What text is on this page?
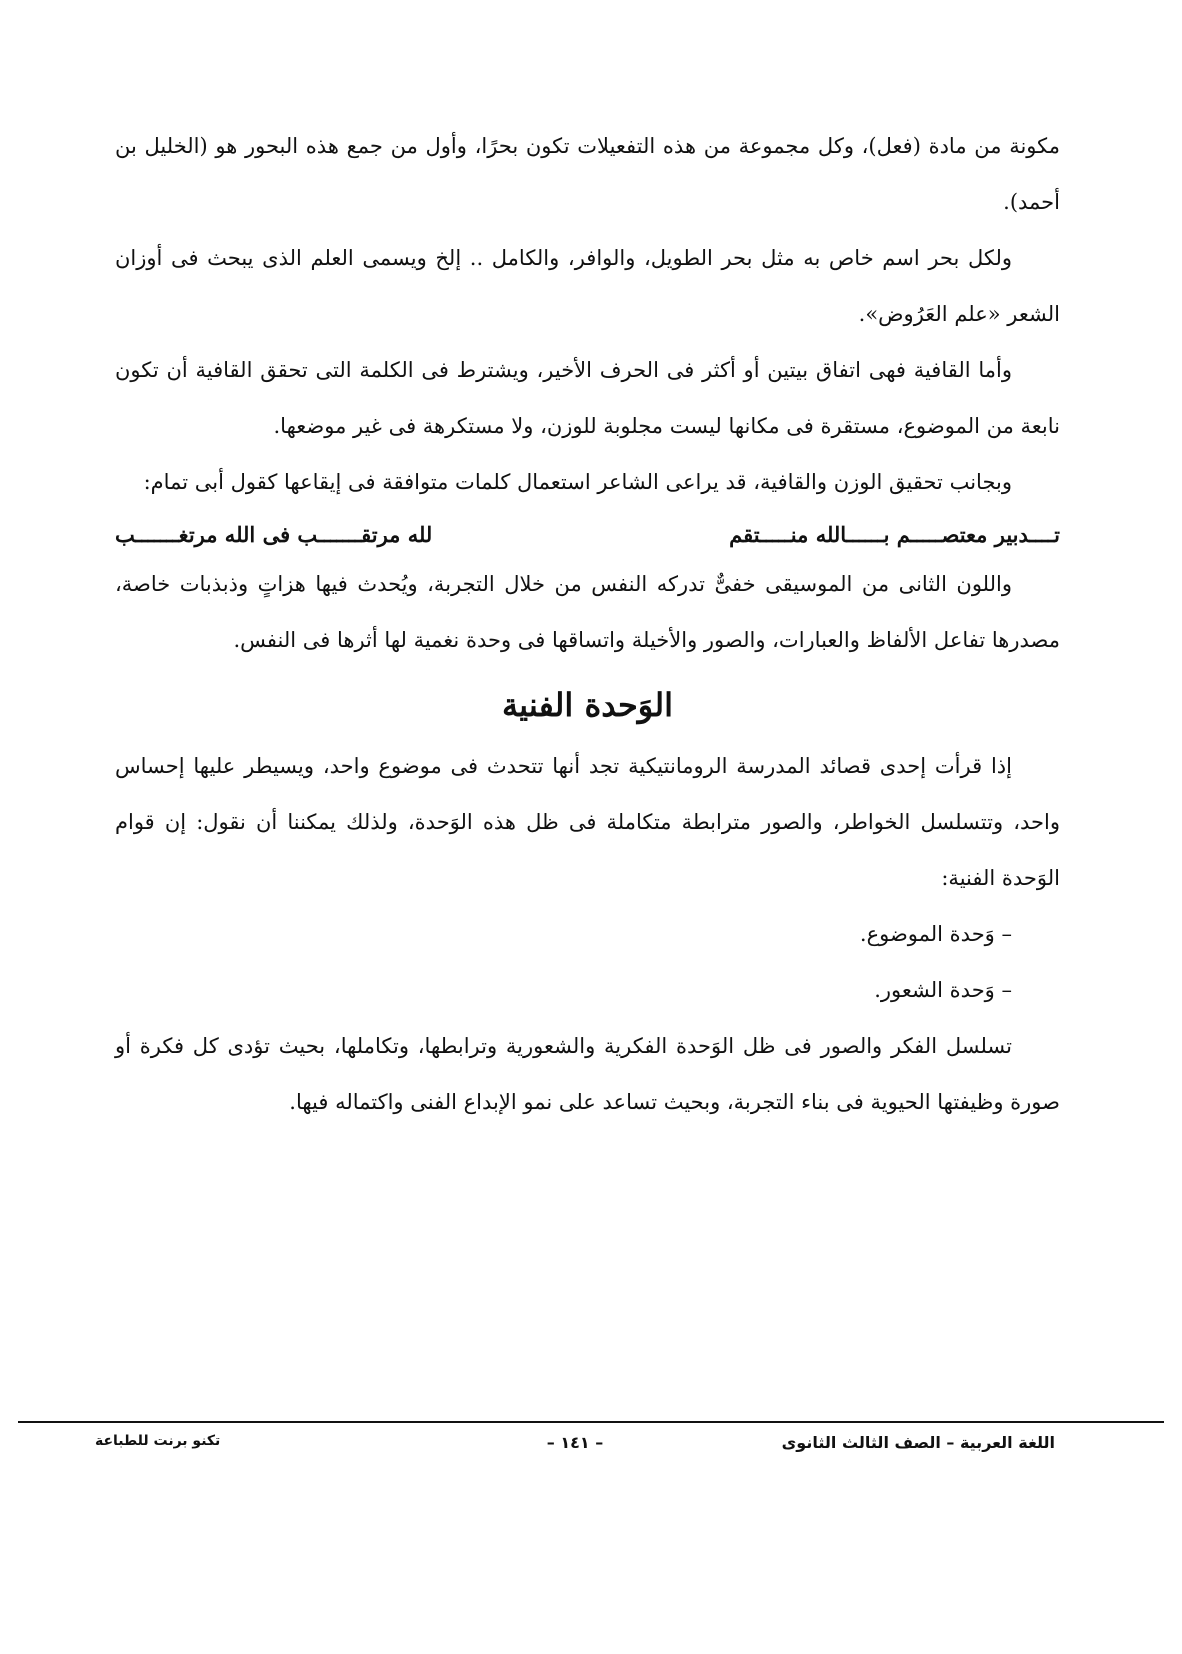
مكونة من مادة (فعل)، وكل مجموعة من هذه التفعيلات تكون بحرًا، وأول من جمع هذه البحور هو (الخليل بن أحمد).

ولكل بحر اسم خاص به مثل بحر الطويل، والوافر، والكامل .. إلخ ويسمى العلم الذى يبحث فى أوزان الشعر «علم العَرُوض».

وأما القافية فهى اتفاق بيتين أو أكثر فى الحرف الأخير، ويشترط فى الكلمة التى تحقق القافية أن تكون نابعة من الموضوع، مستقرة فى مكانها ليست مجلوبة للوزن، ولا مستكرهة فى غير موضعها.

وبجانب تحقيق الوزن والقافية، قد يراعى الشاعر استعمال كلمات متوافقة فى إيقاعها كقول أبى تمام:

تــــدبير معتصـــــم بــــــالله منـــــتقم
لله مرتقـــــــب فى الله مرتغـــــــب

واللون الثانى من الموسيقى خفىٌّ تدركه النفس من خلال التجربة، ويُحدث فيها هزاتٍ وذبذبات خاصة، مصدرها تفاعل الألفاظ والعبارات، والصور والأخيلة واتساقها فى وحدة نغمية لها أثرها فى النفس.

الوَحدة الفنية

إذا قرأت إحدى قصائد المدرسة الرومانتيكية تجد أنها تتحدث فى موضوع واحد، ويسيطر عليها إحساس واحد، وتتسلسل الخواطر، والصور مترابطة متكاملة فى ظل هذه الوَحدة، ولذلك يمكننا أن نقول: إن قوام الوَحدة الفنية:

– وَحدة الموضوع.

– وَحدة الشعور.

تسلسل الفكر والصور فى ظل الوَحدة الفكرية والشعورية وترابطها، وتكاملها، بحيث تؤدى كل فكرة أو صورة وظيفتها الحيوية فى بناء التجربة، وبحيث تساعد على نمو الإبداع الفنى واكتماله فيها.

اللغة العربية – الصف الثالث الثانوى
– ١٤١ –
تكنو برنت للطباعة
